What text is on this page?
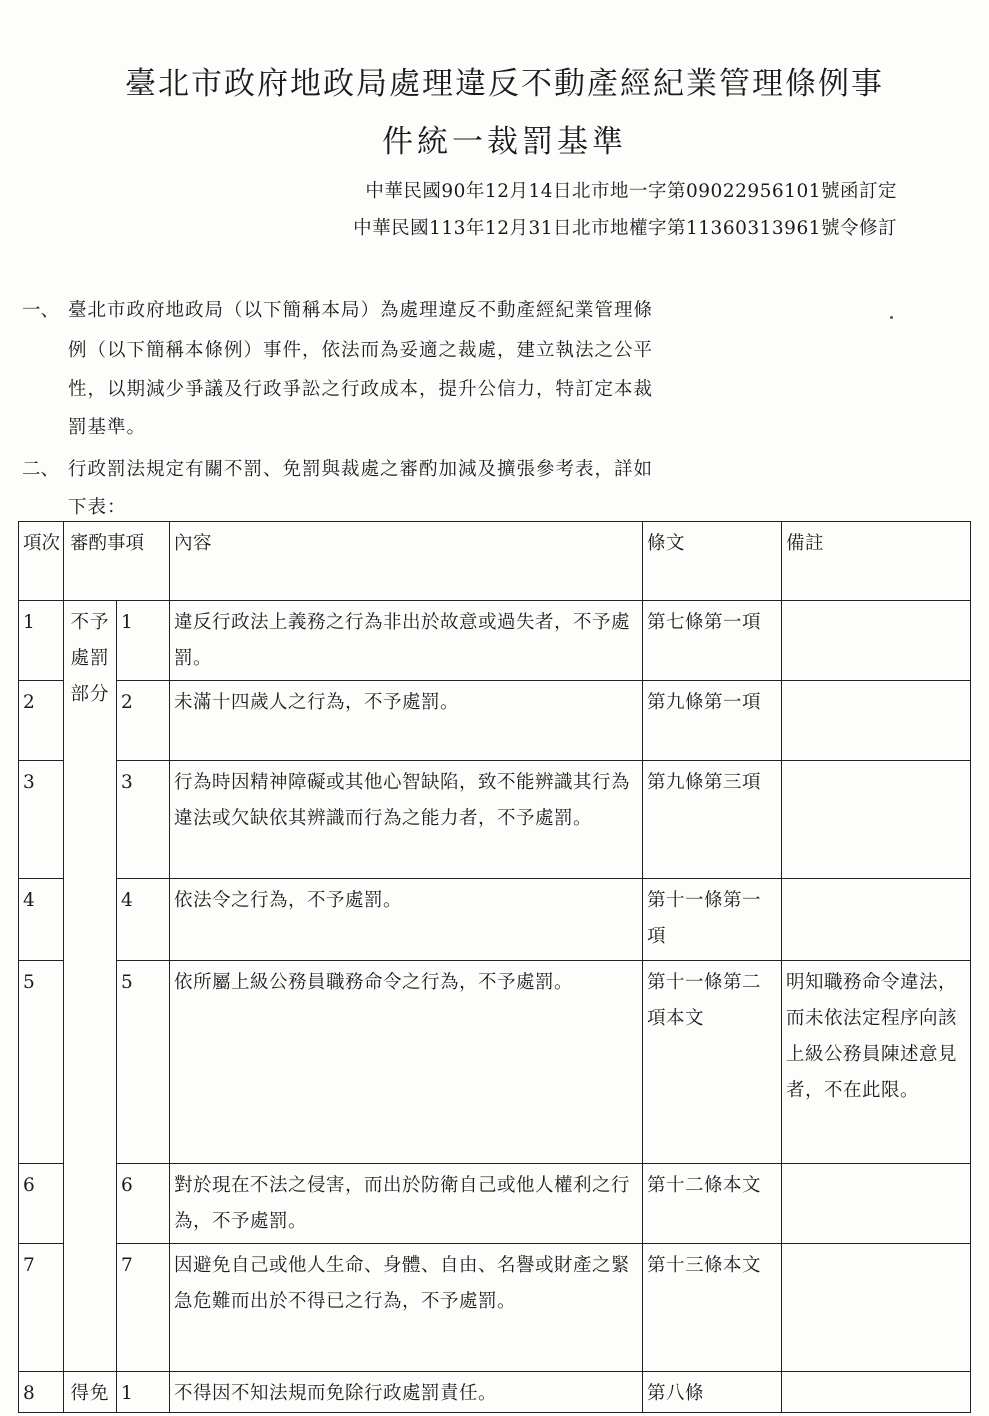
臺北市政府地政局處理違反不動產經紀業管理條例事
件統一裁罰基準
中華民國90年12月14日北市地一字第09022956101號函訂定
中華民國113年12月31日北市地權字第11360313961號令修訂
一、 臺北市政府地政局（以下簡稱本局）為處理違反不動產經紀業管理條
例（以下簡稱本條例）事件，依法而為妥適之裁處，建立執法之公平
性，以期減少爭議及行政爭訟之行政成本，提升公信力，特訂定本裁
罰基準。
二、 行政罰法規定有關不罰、免罰與裁處之審酌加減及擴張參考表，詳如
下表：
項次	審酌事項		內容	條文	備註
1	不予處罰部分	1	違反行政法上義務之行為非出於故意或過失者，不予處罰。	第七條第一項	
2		2	未滿十四歲人之行為，不予處罰。	第九條第一項	
3		3	行為時因精神障礙或其他心智缺陷，致不能辨識其行為違法或欠缺依其辨識而行為之能力者，不予處罰。	第九條第三項	
4		4	依法令之行為，不予處罰。	第十一條第一項	
5		5	依所屬上級公務員職務命令之行為，不予處罰。	第十一條第二項本文	明知職務命令違法，而未依法定程序向該上級公務員陳述意見者，不在此限。
6		6	對於現在不法之侵害，而出於防衛自己或他人權利之行為，不予處罰。	第十二條本文	
7		7	因避免自己或他人生命、身體、自由、名譽或財產之緊急危難而出於不得已之行為，不予處罰。	第十三條本文	
8	得免	1	不得因不知法規而免除行政處罰責任。	第八條	
